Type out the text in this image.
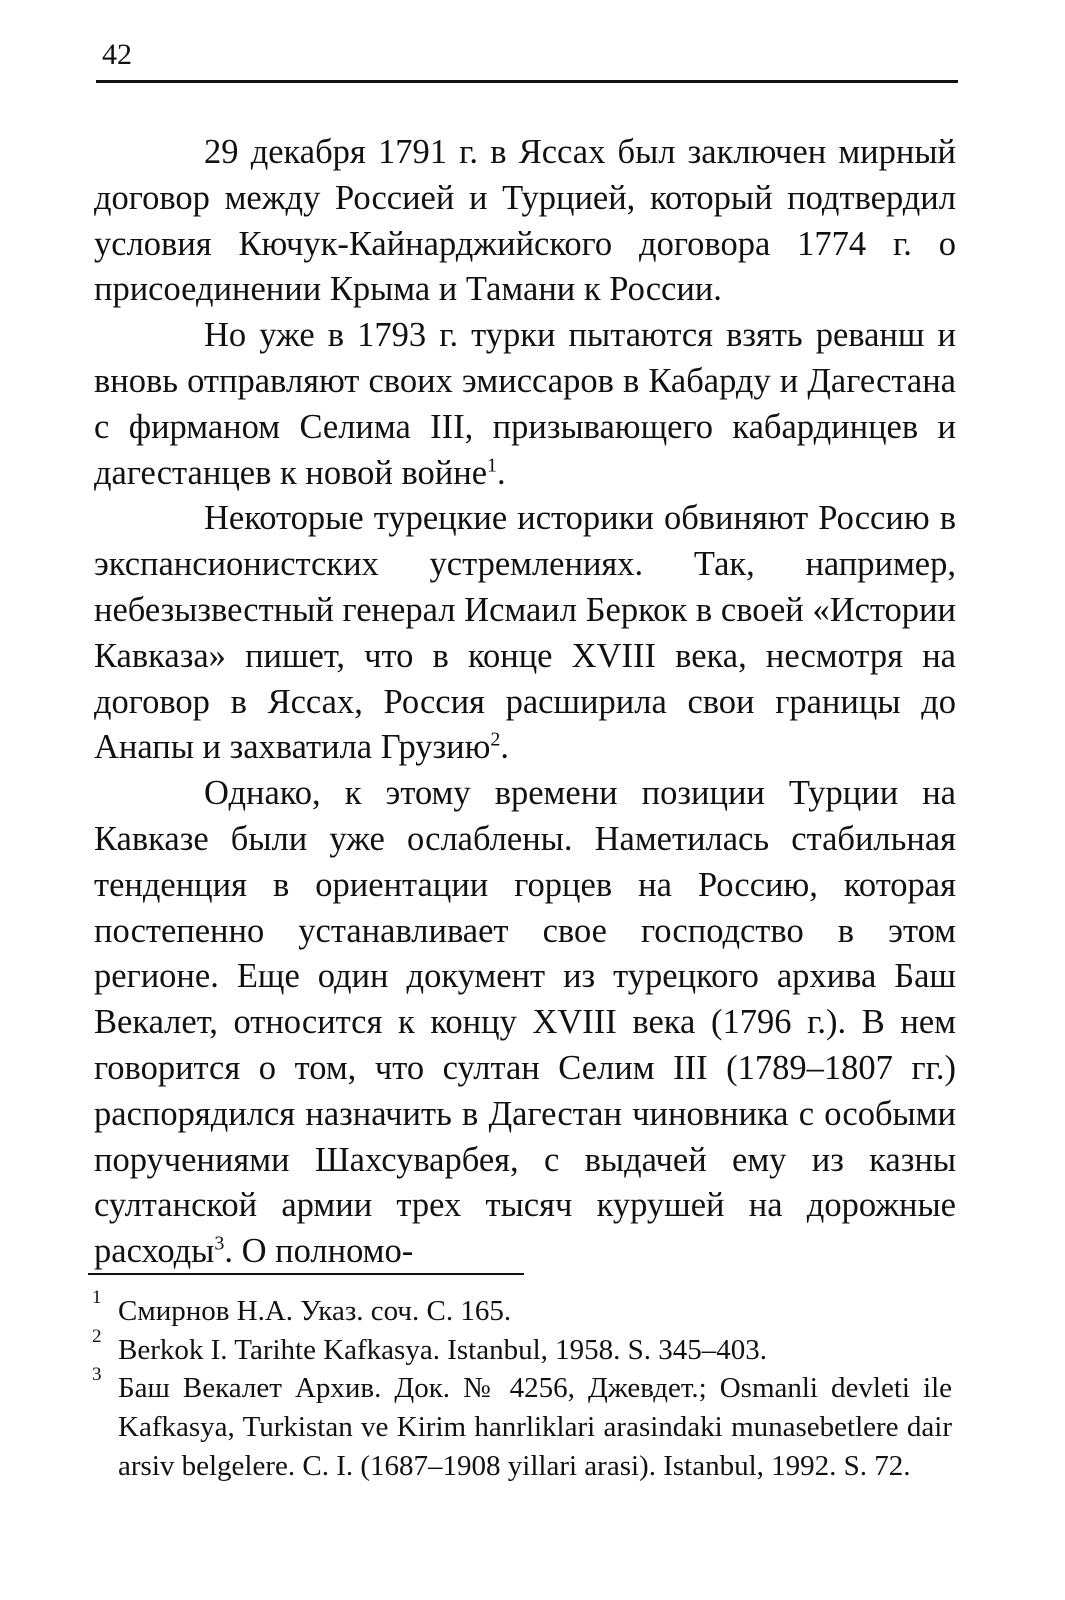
42

29 декабря 1791 г. в Яссах был заключен мирный договор между Россией и Турцией, который подтвердил условия Кючук-Кайнарджийского договора 1774 г. о присоединении Крыма и Тамани к России.

Но уже в 1793 г. турки пытаются взять реванш и вновь отправляют своих эмиссаров в Кабарду и Дагестана с фирманом Селима III, призывающего кабардинцев и дагестанцев к новой войне$^1$.

Некоторые турецкие историки обвиняют Россию в экспансионистских устремлениях. Так, например, небезызвестный генерал Исмаил Беркок в своей «Истории Кавказа» пишет, что в конце XVIII века, несмотря на договор в Яссах, Россия расширила свои границы до Анапы и захватила Грузию$^2$.

Однако, к этому времени позиции Турции на Кавказе были уже ослаблены. Наметилась стабильная тенденция в ориентации горцев на Россию, которая постепенно устанавливает свое господство в этом регионе. Еще один документ из турецкого архива Баш Векалет, относится к концу XVIII века (1796 г.). В нем говорится о том, что султан Селим III (1789–1807 гг.) распорядился назначить в Дагестан чиновника с особыми поручениями Шахсуварбея, с выдачей ему из казны султанской армии трех тысяч курушей на дорожные расходы$^3$. О полномо-

1 Смирнов Н.А. Указ. соч. С. 165.

2 Berkok I. Tarihte Kafkasya. Istanbul, 1958. S. 345–403.

3 Баш Векалет Архив. Док. № 4256, Джевдет.; Osmanli devleti ile Kafkasya, Turkistan ve Kirim hanrliklari arasindaki munasebetlere dair arsiv belgelere. C. I. (1687–1908 yillari arasi). Istanbul, 1992. S. 72.
